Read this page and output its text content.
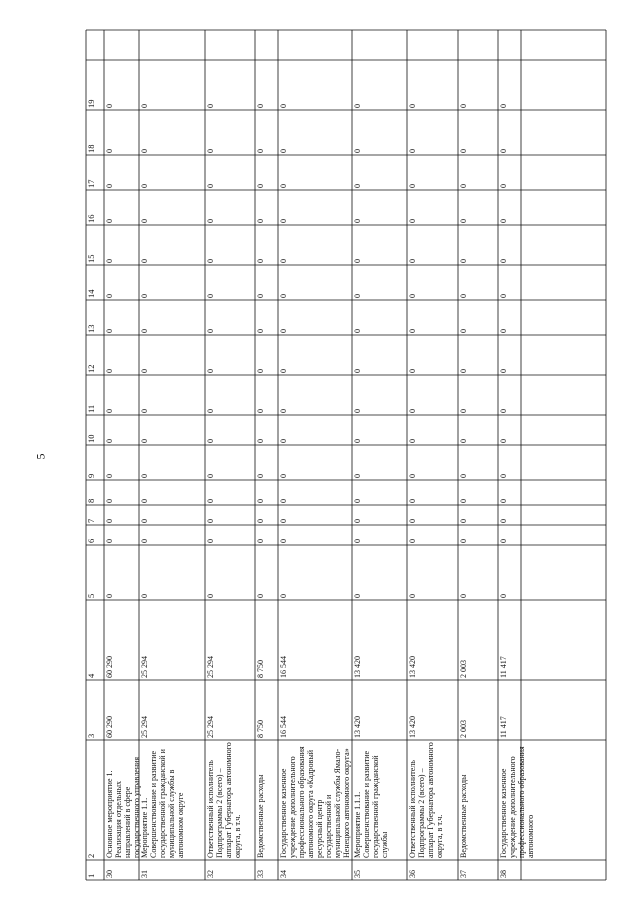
5
1
2
3
4
5
6
7
8
9
10
11
12
13
14
15
16
17
18
19
30
Основное мероприятие 1. Реализация отдельных направлений в сфере государственного управления
60 290
60 290
0
0
0
0
0
0
0
0
0
0
0
0
0
0
0
31
Мероприятие 1.1. Совершенствование и развитие государственной гражданской и муниципальной службы в автономном округе
25 294
25 294
0
0
0
0
0
0
0
0
0
0
0
0
0
0
0
32
Ответственный исполнитель Подпрограммы 2 (всего) – аппарат Губернатора автономного округа, в т.ч.
25 294
25 294
0
0
0
0
0
0
0
0
0
0
0
0
0
0
0
33
Ведомственные расходы
8 750
8 750
0
0
0
0
0
0
0
0
0
0
0
0
0
0
0
34
Государственное казенное учреждение дополнительного профессионального образования автономного округа «Кадровый ресурсный центр государственной и муниципальной службы Ямало-Ненецкого автономного округа»
16 544
16 544
0
0
0
0
0
0
0
0
0
0
0
0
0
0
0
35
Мероприятие 1.1.1. Совершенствование и развитие государственной гражданской службы
13 420
13 420
0
0
0
0
0
0
0
0
0
0
0
0
0
0
0
36
Ответственный исполнитель Подпрограммы 2 (всего) – аппарат Губернатора автономного округа, в т.ч.
13 420
13 420
0
0
0
0
0
0
0
0
0
0
0
0
0
0
0
37
Ведомственные расходы
2 003
2 003
0
0
0
0
0
0
0
0
0
0
0
0
0
0
0
38
Государственное казенное учреждение дополнительного профессионального образования автономного
11 417
11 417
0
0
0
0
0
0
0
0
0
0
0
0
0
0
0
